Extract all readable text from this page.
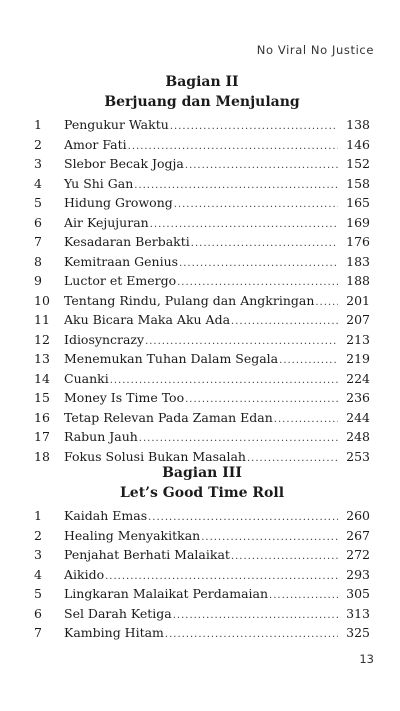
No Viral No Justice
Bagian II
Berjuang dan Menjulang
1	Pengukur Waktu .....	138
2	Amor Fati .....	146
3	Slebor Becak Jogja .....	152
4	Yu Shi Gan .....	158
5	Hidung Growong .....	165
6	Air Kejujuran .....	169
7	Kesadaran Berbakti .....	176
8	Kemitraan Genius .....	183
9	Luctor et Emergo .....	188
10	Tentang Rindu, Pulang dan Angkringan .....	201
11	Aku Bicara Maka Aku Ada .....	207
12	Idiosyncrazy .....	213
13	Menemukan Tuhan Dalam Segala .....	219
14	Cuanki .....	224
15	Money Is Time Too .....	236
16	Tetap Relevan Pada Zaman Edan .....	244
17	Rabun Jauh .....	248
18	Fokus Solusi Bukan Masalah .....	253
Bagian III
Let’s Good Time Roll
1	Kaidah Emas .....	260
2	Healing Menyakitkan .....	267
3	Penjahat Berhati Malaikat .....	272
4	Aikido .....	293
5	Lingkaran Malaikat Perdamaian .....	305
6	Sel Darah Ketiga .....	313
7	Kambing Hitam .....	325
13
